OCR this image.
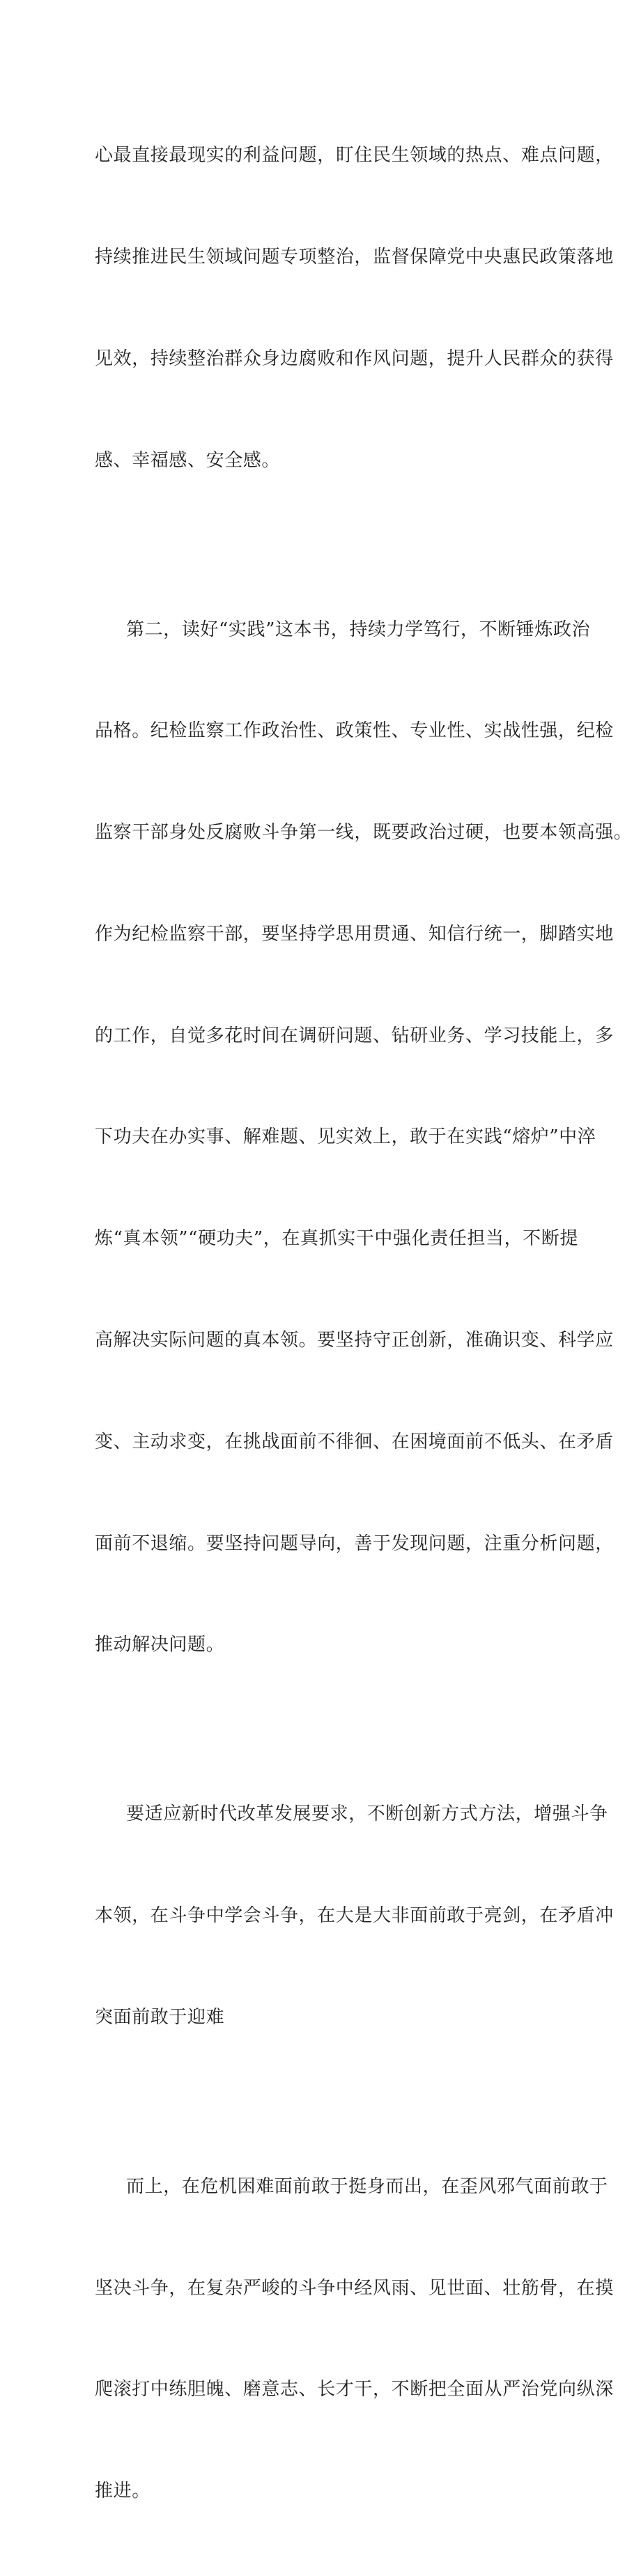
心最直接最现实的利益问题，盯住民生领域的热点、难点问题，

持续推进民生领域问题专项整治，监督保障党中央惠民政策落地

见效，持续整治群众身边腐败和作风问题，提升人民群众的获得

感、幸福感、安全感。

第二，读好“实践”这本书，持续力学笃行，不断锤炼政治

品格。纪检监察工作政治性、政策性、专业性、实战性强，纪检

监察干部身处反腐败斗争第一线，既要政治过硬，也要本领高强。

作为纪检监察干部，要坚持学思用贯通、知信行统一，脚踏实地

的工作，自觉多花时间在调研问题、钻研业务、学习技能上，多

下功夫在办实事、解难题、见实效上，敢于在实践“熔炉”中淬

炼“真本领”“硬功夫”，在真抓实干中强化责任担当，不断提

高解决实际问题的真本领。要坚持守正创新，准确识变、科学应

变、主动求变，在挑战面前不徘徊、在困境面前不低头、在矛盾

面前不退缩。要坚持问题导向，善于发现问题，注重分析问题，

推动解决问题。

要适应新时代改革发展要求，不断创新方式方法，增强斗争

本领，在斗争中学会斗争，在大是大非面前敢于亮剑，在矛盾冲

突面前敢于迎难

而上，在危机困难面前敢于挺身而出，在歪风邪气面前敢于

坚决斗争，在复杂严峻的斗争中经风雨、见世面、壮筋骨，在摸

爬滚打中练胆魄、磨意志、长才干，不断把全面从严治党向纵深

推进。
